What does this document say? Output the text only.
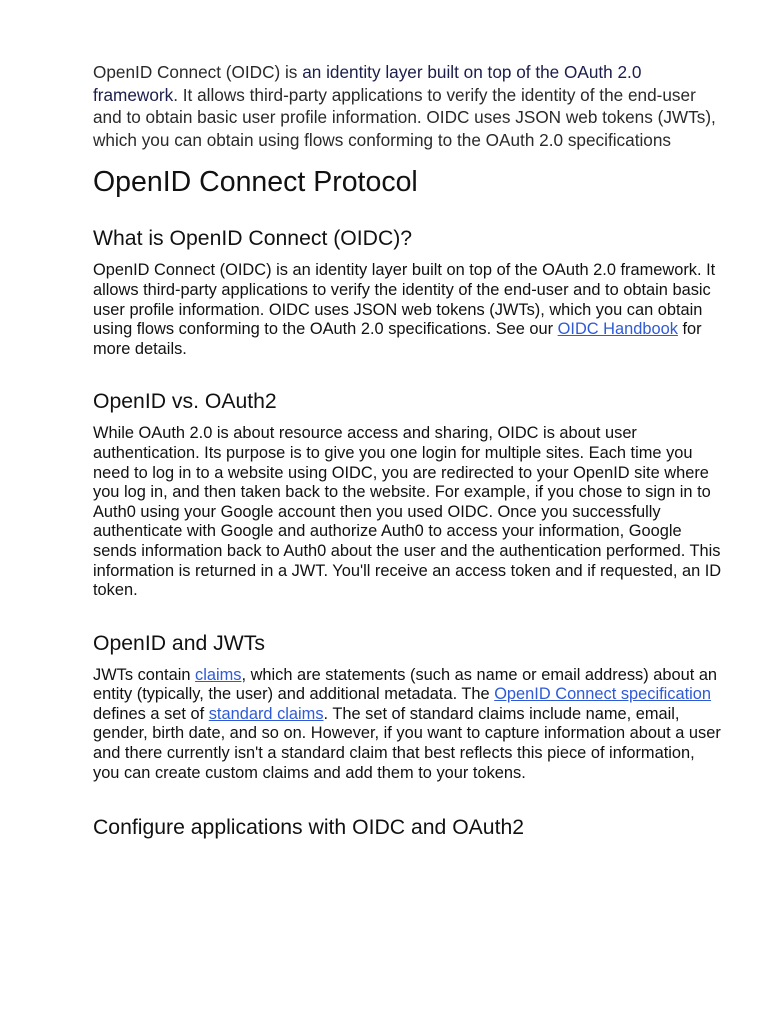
OpenID Connect (OIDC) is an identity layer built on top of the OAuth 2.0 framework. It allows third-party applications to verify the identity of the end-user and to obtain basic user profile information. OIDC uses JSON web tokens (JWTs), which you can obtain using flows conforming to the OAuth 2.0 specifications

OpenID Connect Protocol
What is OpenID Connect (OIDC)?

OpenID Connect (OIDC) is an identity layer built on top of the OAuth 2.0 framework. It allows third-party applications to verify the identity of the end-user and to obtain basic user profile information. OIDC uses JSON web tokens (JWTs), which you can obtain using flows conforming to the OAuth 2.0 specifications. See our OIDC Handbook for more details.

OpenID vs. OAuth2

While OAuth 2.0 is about resource access and sharing, OIDC is about user authentication. Its purpose is to give you one login for multiple sites. Each time you need to log in to a website using OIDC, you are redirected to your OpenID site where you log in, and then taken back to the website. For example, if you chose to sign in to Auth0 using your Google account then you used OIDC. Once you successfully authenticate with Google and authorize Auth0 to access your information, Google sends information back to Auth0 about the user and the authentication performed. This information is returned in a JWT. You'll receive an access token and if requested, an ID token.

OpenID and JWTs

JWTs contain claims, which are statements (such as name or email address) about an entity (typically, the user) and additional metadata. The OpenID Connect specification defines a set of standard claims. The set of standard claims include name, email, gender, birth date, and so on. However, if you want to capture information about a user and there currently isn't a standard claim that best reflects this piece of information, you can create custom claims and add them to your tokens.

Configure applications with OIDC and OAuth2
